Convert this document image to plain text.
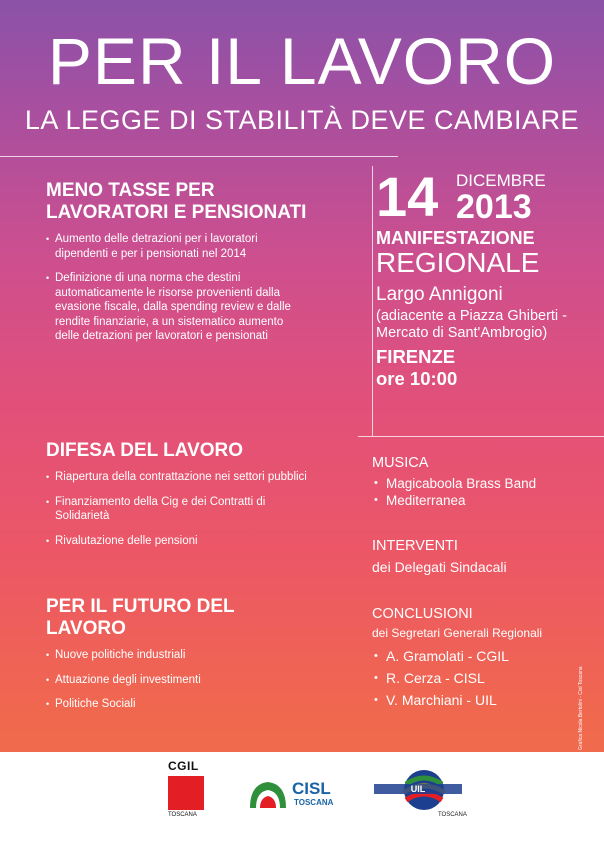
PER IL LAVORO
LA LEGGE DI STABILITÀ DEVE CAMBIARE
MENO TASSE PER LAVORATORI E PENSIONATI
• Aumento delle detrazioni per i lavoratori dipendenti e per i pensionati nel 2014
• Definizione di una norma che destini automaticamente le risorse provenienti dalla evasione fiscale, dalla spending review e dalle rendite finanziarie, a un sistematico aumento delle detrazioni per lavoratori e pensionati
DIFESA DEL LAVORO
• Riapertura della contrattazione nei settori pubblici
• Finanziamento della Cig e dei Contratti di Solidarietà
• Rivalutazione delle pensioni
PER IL FUTURO DEL LAVORO
• Nuove politiche industriali
• Attuazione degli investimenti
• Politiche Sociali
14 DICEMBRE
2013
MANIFESTAZIONE
REGIONALE
Largo Annigoni
(adiacente a Piazza Ghiberti - Mercato di Sant'Ambrogio)
FIRENZE
ore 10:00
MUSICA
• Magicaboola Brass Band
• Mediterranea
INTERVENTI
dei Delegati Sindacali
CONCLUSIONI
dei Segretari Generali Regionali
• A. Gramolati - CGIL
• R. Cerza - CISL
• V. Marchiani - UIL	Grafica Nicola Bertolini - Cisl Toscana
CGIL
TOSCANA
CISL
TOSCANA
UIL
TOSCANA
